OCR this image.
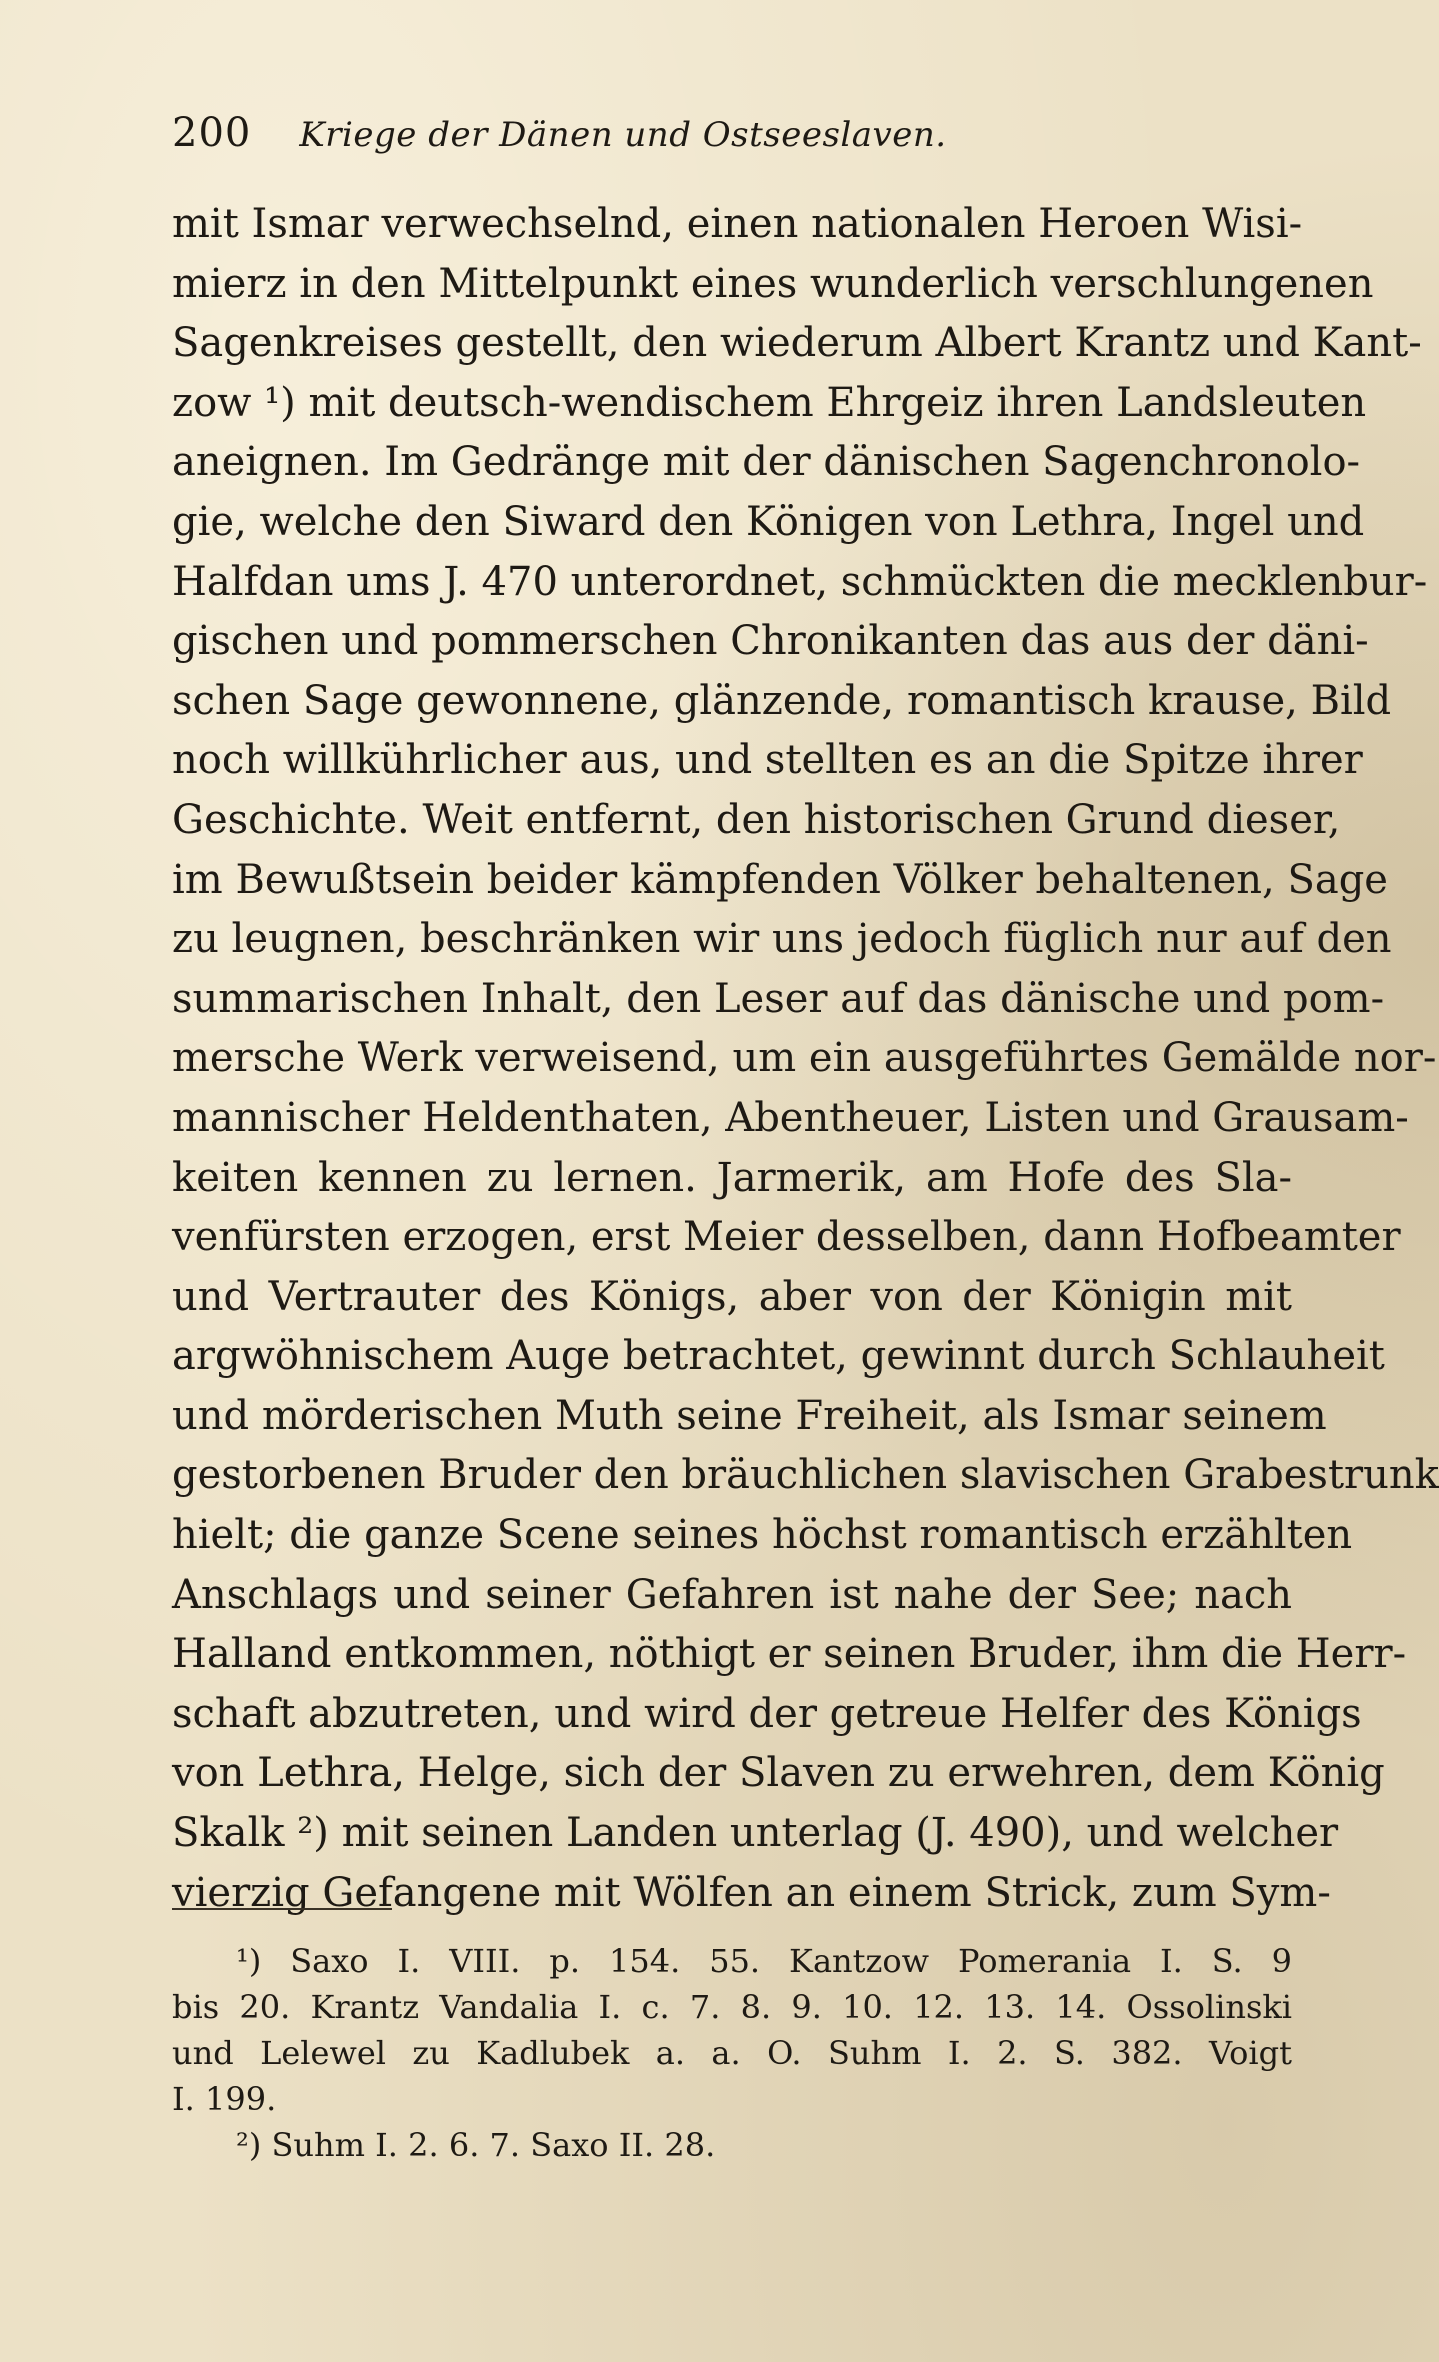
200 Kriege der Dänen und Ostseeslaven.
mit Ismar verwechselnd, einen nationalen Heroen Wisi-
mierz in den Mittelpunkt eines wunderlich verschlungenen
Sagenkreises gestellt, den wiederum Albert Krantz und Kant-
zow ¹) mit deutsch-wendischem Ehrgeiz ihren Landsleuten
aneignen. Im Gedränge mit der dänischen Sagenchronolo-
gie, welche den Siward den Königen von Lethra, Ingel und
Halfdan ums J. 470 unterordnet, schmückten die mecklenbur-
gischen und pommerschen Chronikanten das aus der däni-
schen Sage gewonnene, glänzende, romantisch krause, Bild
noch willkührlicher aus, und stellten es an die Spitze ihrer
Geschichte. Weit entfernt, den historischen Grund dieser,
im Bewußtsein beider kämpfenden Völker behaltenen, Sage
zu leugnen, beschränken wir uns jedoch füglich nur auf den
summarischen Inhalt, den Leser auf das dänische und pom-
mersche Werk verweisend, um ein ausgeführtes Gemälde nor-
mannischer Heldenthaten, Abentheuer, Listen und Grausam-
keiten kennen zu lernen. Jarmerik, am Hofe des Sla-
venfürsten erzogen, erst Meier desselben, dann Hofbeamter
und Vertrauter des Königs, aber von der Königin mit
argwöhnischem Auge betrachtet, gewinnt durch Schlauheit
und mörderischen Muth seine Freiheit, als Ismar seinem
gestorbenen Bruder den bräuchlichen slavischen Grabestrunk
hielt; die ganze Scene seines höchst romantisch erzählten
Anschlags und seiner Gefahren ist nahe der See; nach
Halland entkommen, nöthigt er seinen Bruder, ihm die Herr-
schaft abzutreten, und wird der getreue Helfer des Königs
von Lethra, Helge, sich der Slaven zu erwehren, dem König
Skalk ²) mit seinen Landen unterlag (J. 490), und welcher
vierzig Gefangene mit Wölfen an einem Strick, zum Sym-
¹) Saxo I. VIII. p. 154. 55. Kantzow Pomerania I. S. 9
bis 20. Krantz Vandalia I. c. 7. 8. 9. 10. 12. 13. 14. Ossolinski
und Lelewel zu Kadlubek a. a. O. Suhm I. 2. S. 382. Voigt
I. 199.
²) Suhm I. 2. 6. 7. Saxo II. 28.
